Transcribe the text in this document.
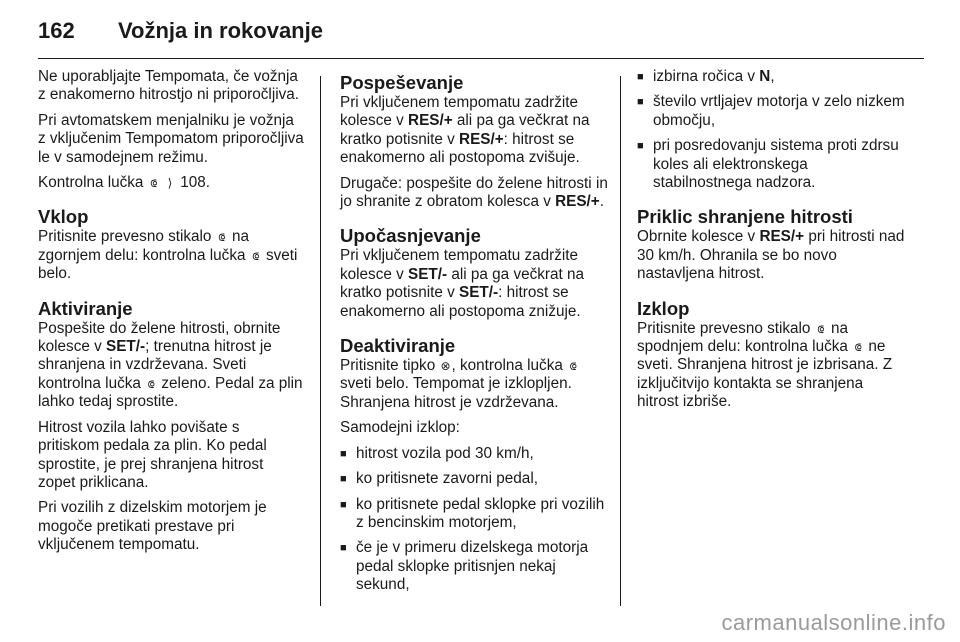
162	Vožnja in rokovanje

Ne uporabljajte Tempomata, če vožnja z enakomerno hitrostjo ni priporočljiva.

Pri avtomatskem menjalniku je vožnja z vključenim Tempomatom priporočljiva le v samodejnem režimu.

Kontrolna lučka ⟃ ⟩ 108.

Vklop

Pritisnite prevesno stikalo ⟃ na zgornjem delu: kontrolna lučka ⟃ sveti belo.

Aktiviranje

Pospešite do želene hitrosti, obrnite kolesce v SET/-; trenutna hitrost je shranjena in vzdrževana. Sveti kontrolna lučka ⟃ zeleno. Pedal za plin lahko tedaj sprostite.

Hitrost vozila lahko povišate s pritiskom pedala za plin. Ko pedal sprostite, je prej shranjena hitrost zopet priklicana.

Pri vozilih z dizelskim motorjem je mogoče pretikati prestave pri vključenem tempomatu.

Pospeševanje

Pri vključenem tempomatu zadržite kolesce v RES/+ ali pa ga večkrat na kratko potisnite v RES/+: hitrost se enakomerno ali postopoma zvišuje.

Drugače: pospešite do želene hitrosti in jo shranite z obratom kolesca v RES/+.

Upočasnjevanje

Pri vključenem tempomatu zadržite kolesce v SET/- ali pa ga večkrat na kratko potisnite v SET/-: hitrost se enakomerno ali postopoma znižuje.

Deaktiviranje

Pritisnite tipko ⊗, kontrolna lučka ⟃ sveti belo. Tempomat je izklopljen. Shranjena hitrost je vzdrževana.

Samodejni izklop:

■ hitrost vozila pod 30 km/h,
■ ko pritisnete zavorni pedal,
■ ko pritisnete pedal sklopke pri vozilih z bencinskim motorjem,
■ če je v primeru dizelskega motorja pedal sklopke pritisnjen nekaj sekund,
■ izbirna ročica v N,
■ število vrtljajev motorja v zelo nizkem območju,
■ pri posredovanju sistema proti zdrsu koles ali elektronskega stabilnostnega nadzora.
Priklic shranjene hitrosti

Obrnite kolesce v RES/+ pri hitrosti nad 30 km/h. Ohranila se bo novo nastavljena hitrost.

Izklop

Pritisnite prevesno stikalo ⟃ na spodnjem delu: kontrolna lučka ⟃ ne sveti. Shranjena hitrost je izbrisana. Z izključitvijo kontakta se shranjena hitrost izbriše.

carmanualsonline.info
